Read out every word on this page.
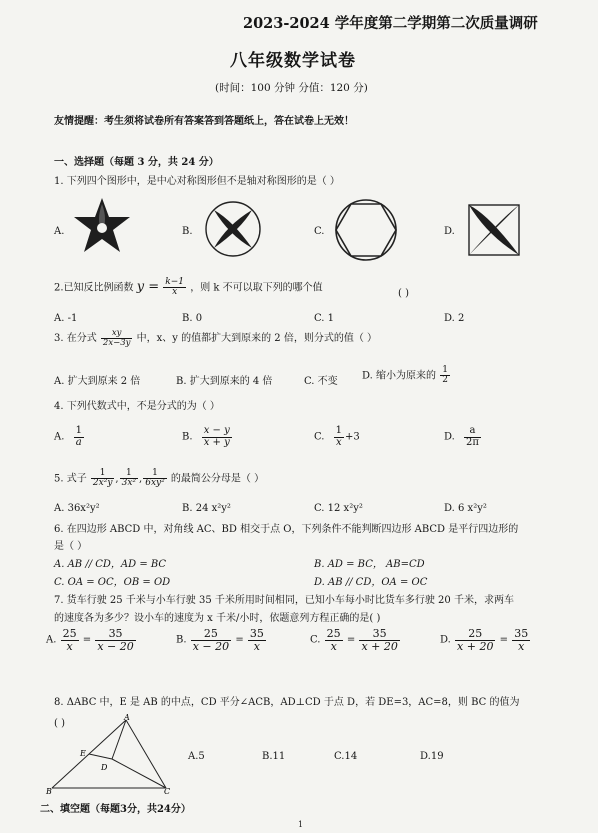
2023-2024 学年度第二学期第二次质量调研
八年级数学试卷
(时间：100 分钟 分值：120 分)
友情提醒：考生须将试卷所有答案答到答题纸上，答在试卷上无效！
一、选择题（每题 3 分，共 24 分）
1. 下列四个图形中，是中心对称图形但不是轴对称图形的是（ ）
A.	B.	C.	D.
2.已知反比例函数 $y = \frac{k-1}{x}$ ，则 k 不可以取下列的哪个值
( )
A. -1	B. 0	C. 1	D. 2
3. 在分式 $\frac{xy}{2x-3y}$ 中，x、y 的值都扩大到原来的 2 倍，则分式的值（ ）
A. 扩大到原来 2 倍	B. 扩大到原来的 4 倍	C. 不变
D. 缩小为原来的 $\frac{1}{2}$
4. 下列代数式中，不是分式的为（ ）
A. $\frac{1}{a}$	B. $\frac{x - y}{x + y}$	C. $\frac{1}{x} +3$	D. $\frac{a}{2\pi}$
5. 式子 $\frac{1}{\text{2x²y}}$ , $\frac{1}{\text{3x²}}$ , $\frac{1}{\text{6xy²}}$ 的最简公分母是（ ）
A. 36x²y²	B. 24 x²y²	C. 12 x²y²	D. 6 x²y²
6. 在四边形 ABCD 中，对角线 AC、BD 相交于点 O，下列条件不能判断四边形 ABCD 是平行四边形的
是（ ）
A. AB // CD，AD = BC	B. AD = BC， AB=CD
C. OA = OC，OB = OD	D. AB // CD，OA = OC
7. 货车行驶 25 千米与小车行驶 35 千米所用时间相同，已知小车每小时比货车多行驶 20 千米，求两车
的速度各为多少？设小车的速度为 x 千米/小时，依题意列方程正确的是( )
A. $\frac{25}{x} = \frac{35}{x - 20}$	B. $\frac{25}{x - 20} = \frac{35}{x}$	C. $\frac{25}{x} = \frac{35}{x + 20}$	D. $\frac{25}{x + 20} = \frac{35}{x}$
8. ΔABC 中，E 是 AB 的中点，CD 平分∠ACB，AD⊥CD 于点 D，若 DE=3，AC=8，则 BC 的值为
( )
A
E
D
B	C
A.5	B.11	C.14	D.19
二、填空题（每题3分，共24分）
1
